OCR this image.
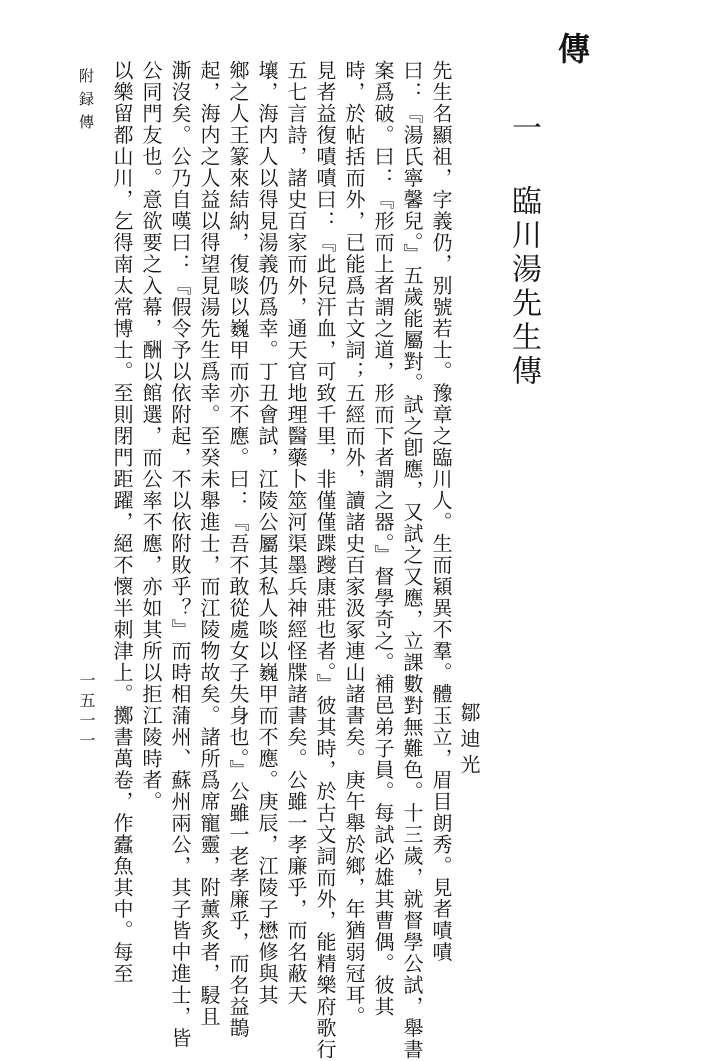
傳
一 臨川湯先生傳
鄒迪光
先生名顯祖，字義仍，别號若士。豫章之臨川人。生而穎異不羣。體玉立，眉目朗秀。見者嘖嘖
曰：『湯氏寧馨兒。』五歲能屬對。試之卽應，又試之又應，立課數對無難色。十三歲，就督學公試，舉書
案爲破。曰：『形而上者謂之道，形而下者謂之器。』督學奇之。補邑弟子員。每試必雄其曹偶。彼其
時，於帖括而外，已能爲古文詞；五經而外，讀諸史百家汲冢連山諸書矣。庚午舉於鄉，年猶弱冠耳。
見者益復嘖嘖曰：『此兒汗血，可致千里，非僅僅蹀躞康莊也者。』彼其時，於古文詞而外，能精樂府歌行
五七言詩，諸史百家而外，通天官地理醫藥卜筮河渠墨兵神經怪牒諸書矣。公雖一孝廉乎，而名蔽天
壤，海内人以得見湯義仍爲幸。丁丑會試，江陵公屬其私人啖以巍甲而不應。庚辰，江陵子懋修與其
鄉之人王篆來結納，復啖以巍甲而亦不應。曰：『吾不敢從處女子失身也。』公雖一老孝廉乎，而名益鵲
起，海内之人益以得望見湯先生爲幸。至癸未舉進士，而江陵物故矣。諸所爲席寵靈，附薰炙者，駸且
澌沒矣。公乃自嘆曰：『假令予以依附起，不以依附敗乎？』而時相蒲州、蘇州兩公，其子皆中進士，皆
公同門友也。意欲要之入幕，酬以館選，而公率不應，亦如其所以拒江陵時者。
以樂留都山川，乞得南太常博士。至則閉門距躍，絕不懷半刺津上。擲書萬卷，作蠹魚其中。每至
附録傳
一五一一
